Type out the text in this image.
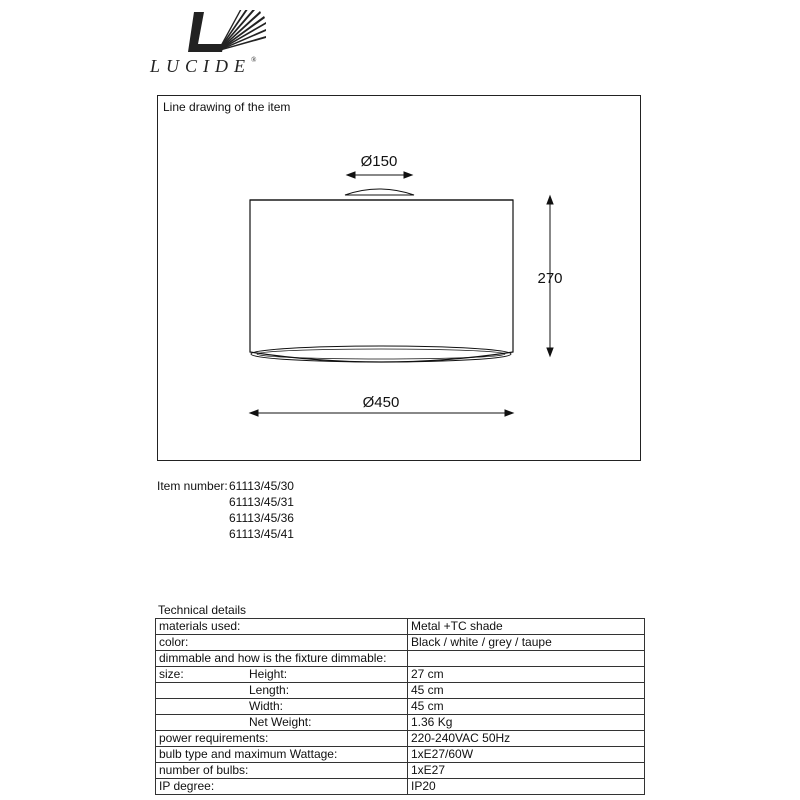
LUCIDE®
Line drawing of the item
Ø150
270
Ø450
Item number: 61113/45/30
61113/45/31
61113/45/36
61113/45/41
Technical details
materials used:	Metal +TC shade
color:	Black / white / grey / taupe
dimmable and how is the fixture dimmable:	
size: Height:	27 cm
Length:	45 cm
Width:	45 cm
Net Weight:	1.36 Kg
power requirements:	220-240VAC 50Hz
bulb type and maximum Wattage:	1xE27/60W
number of bulbs:	1xE27
IP degree:	IP20
